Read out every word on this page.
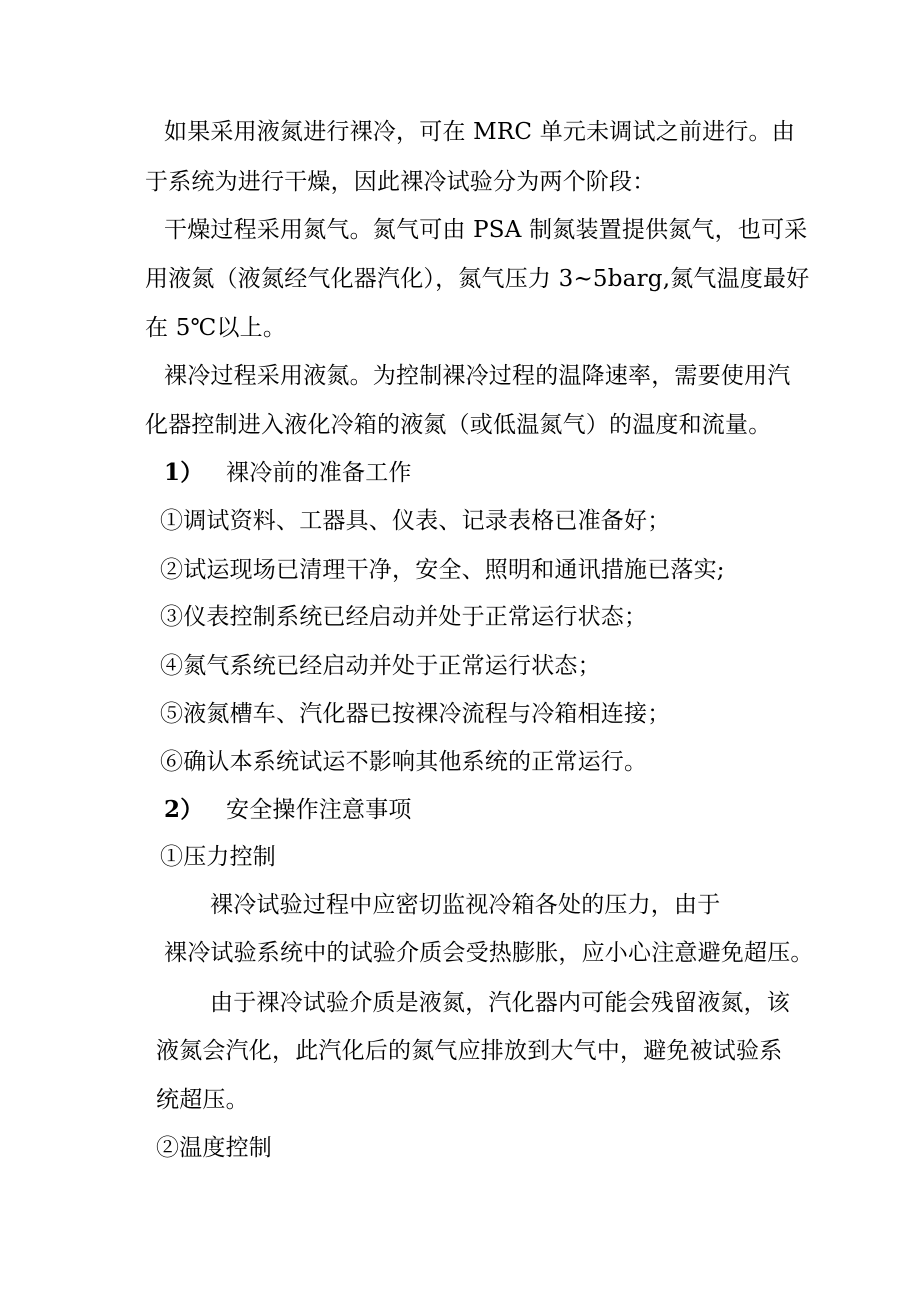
如果采用液氮进行裸冷，可在 MRC 单元未调试之前进行。由
于系统为进行干燥，因此裸冷试验分为两个阶段：
干燥过程采用氮气。氮气可由 PSA 制氮装置提供氮气，也可采
用液氮（液氮经气化器汽化），氮气压力 3~5barg,氮气温度最好
在 5℃以上。
裸冷过程采用液氮。为控制裸冷过程的温降速率，需要使用汽
化器控制进入液化冷箱的液氮（或低温氮气）的温度和流量。
1） 裸冷前的准备工作
①调试资料、工器具、仪表、记录表格已准备好；
②试运现场已清理干净，安全、照明和通讯措施已落实;
③仪表控制系统已经启动并处于正常运行状态；
④氮气系统已经启动并处于正常运行状态；
⑤液氮槽车、汽化器已按裸冷流程与冷箱相连接；
⑥确认本系统试运不影响其他系统的正常运行。
2） 安全操作注意事项
①压力控制
裸冷试验过程中应密切监视冷箱各处的压力，由于
裸冷试验系统中的试验介质会受热膨胀，应小心注意避免超压。
由于裸冷试验介质是液氮，汽化器内可能会残留液氮，该
液氮会汽化，此汽化后的氮气应排放到大气中，避免被试验系
统超压。
②温度控制
